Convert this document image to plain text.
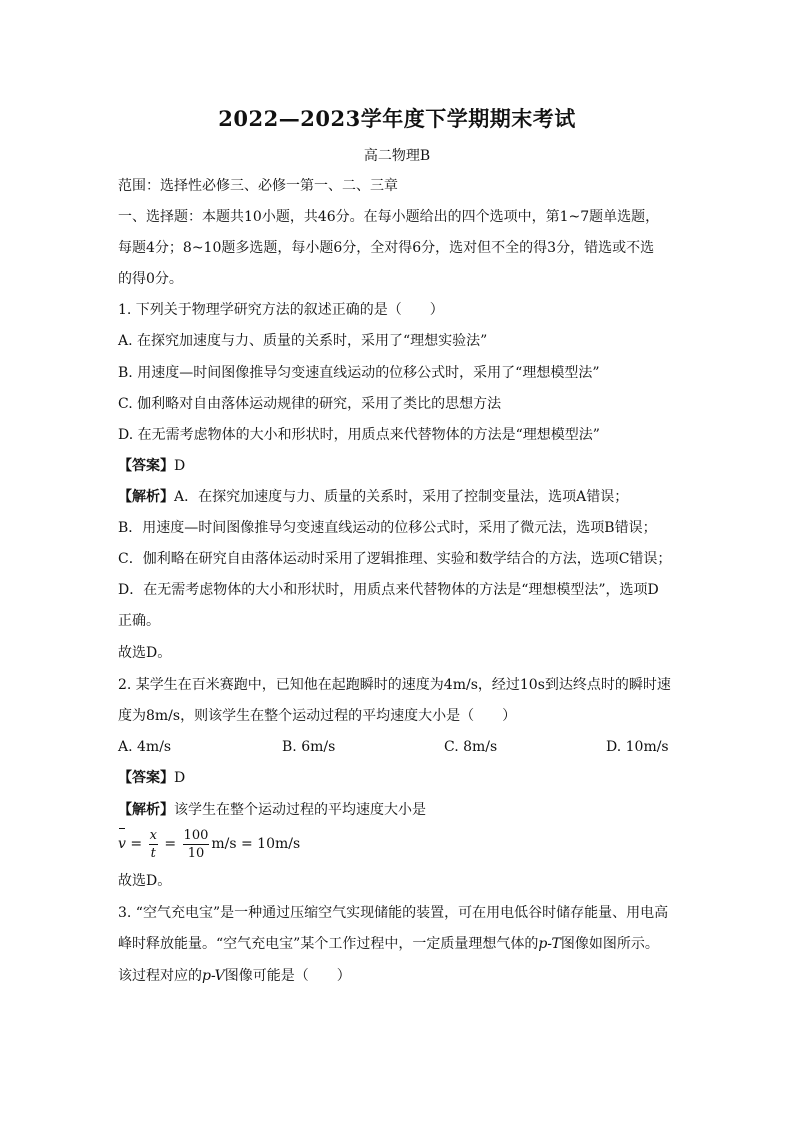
2022—2023学年度下学期期末考试
高二物理B
范围：选择性必修三、必修一第一、二、三章
一、选择题：本题共10小题，共46分。在每小题给出的四个选项中，第1~7题单选题，
每题4分；8~10题多选题，每小题6分，全对得6分，选对但不全的得3分，错选或不选
的得0分。
1. 下列关于物理学研究方法的叙述正确的是（　　）
A. 在探究加速度与力、质量的关系时，采用了“理想实验法”
B. 用速度—时间图像推导匀变速直线运动的位移公式时，采用了“理想模型法”
C. 伽利略对自由落体运动规律的研究，采用了类比的思想方法
D. 在无需考虑物体的大小和形状时，用质点来代替物体的方法是“理想模型法”
【答案】D
【解析】A．在探究加速度与力、质量的关系时，采用了控制变量法，选项A错误；
B．用速度—时间图像推导匀变速直线运动的位移公式时，采用了微元法，选项B错误；
C．伽利略在研究自由落体运动时采用了逻辑推理、实验和数学结合的方法，选项C错误；
D．在无需考虑物体的大小和形状时，用质点来代替物体的方法是“理想模型法”，选项D
正确。
故选D。
2. 某学生在百米赛跑中，已知他在起跑瞬时的速度为4m/s，经过10s到达终点时的瞬时速
度为8m/s，则该学生在整个运动过程的平均速度大小是（　　）
A. 4m/s	B. 6m/s	C. 8m/s	D. 10m/s
【答案】D
【解析】该学生在整个运动过程的平均速度大小是
$v = \frac{x}{t} = \frac{100}{10} m/s = 10m/s$
故选D。
3. “空气充电宝”是一种通过压缩空气实现储能的装置，可在用电低谷时储存能量、用电高
峰时释放能量。“空气充电宝”某个工作过程中，一定质量理想气体的p-T图像如图所示。
该过程对应的p-V图像可能是（　　）
